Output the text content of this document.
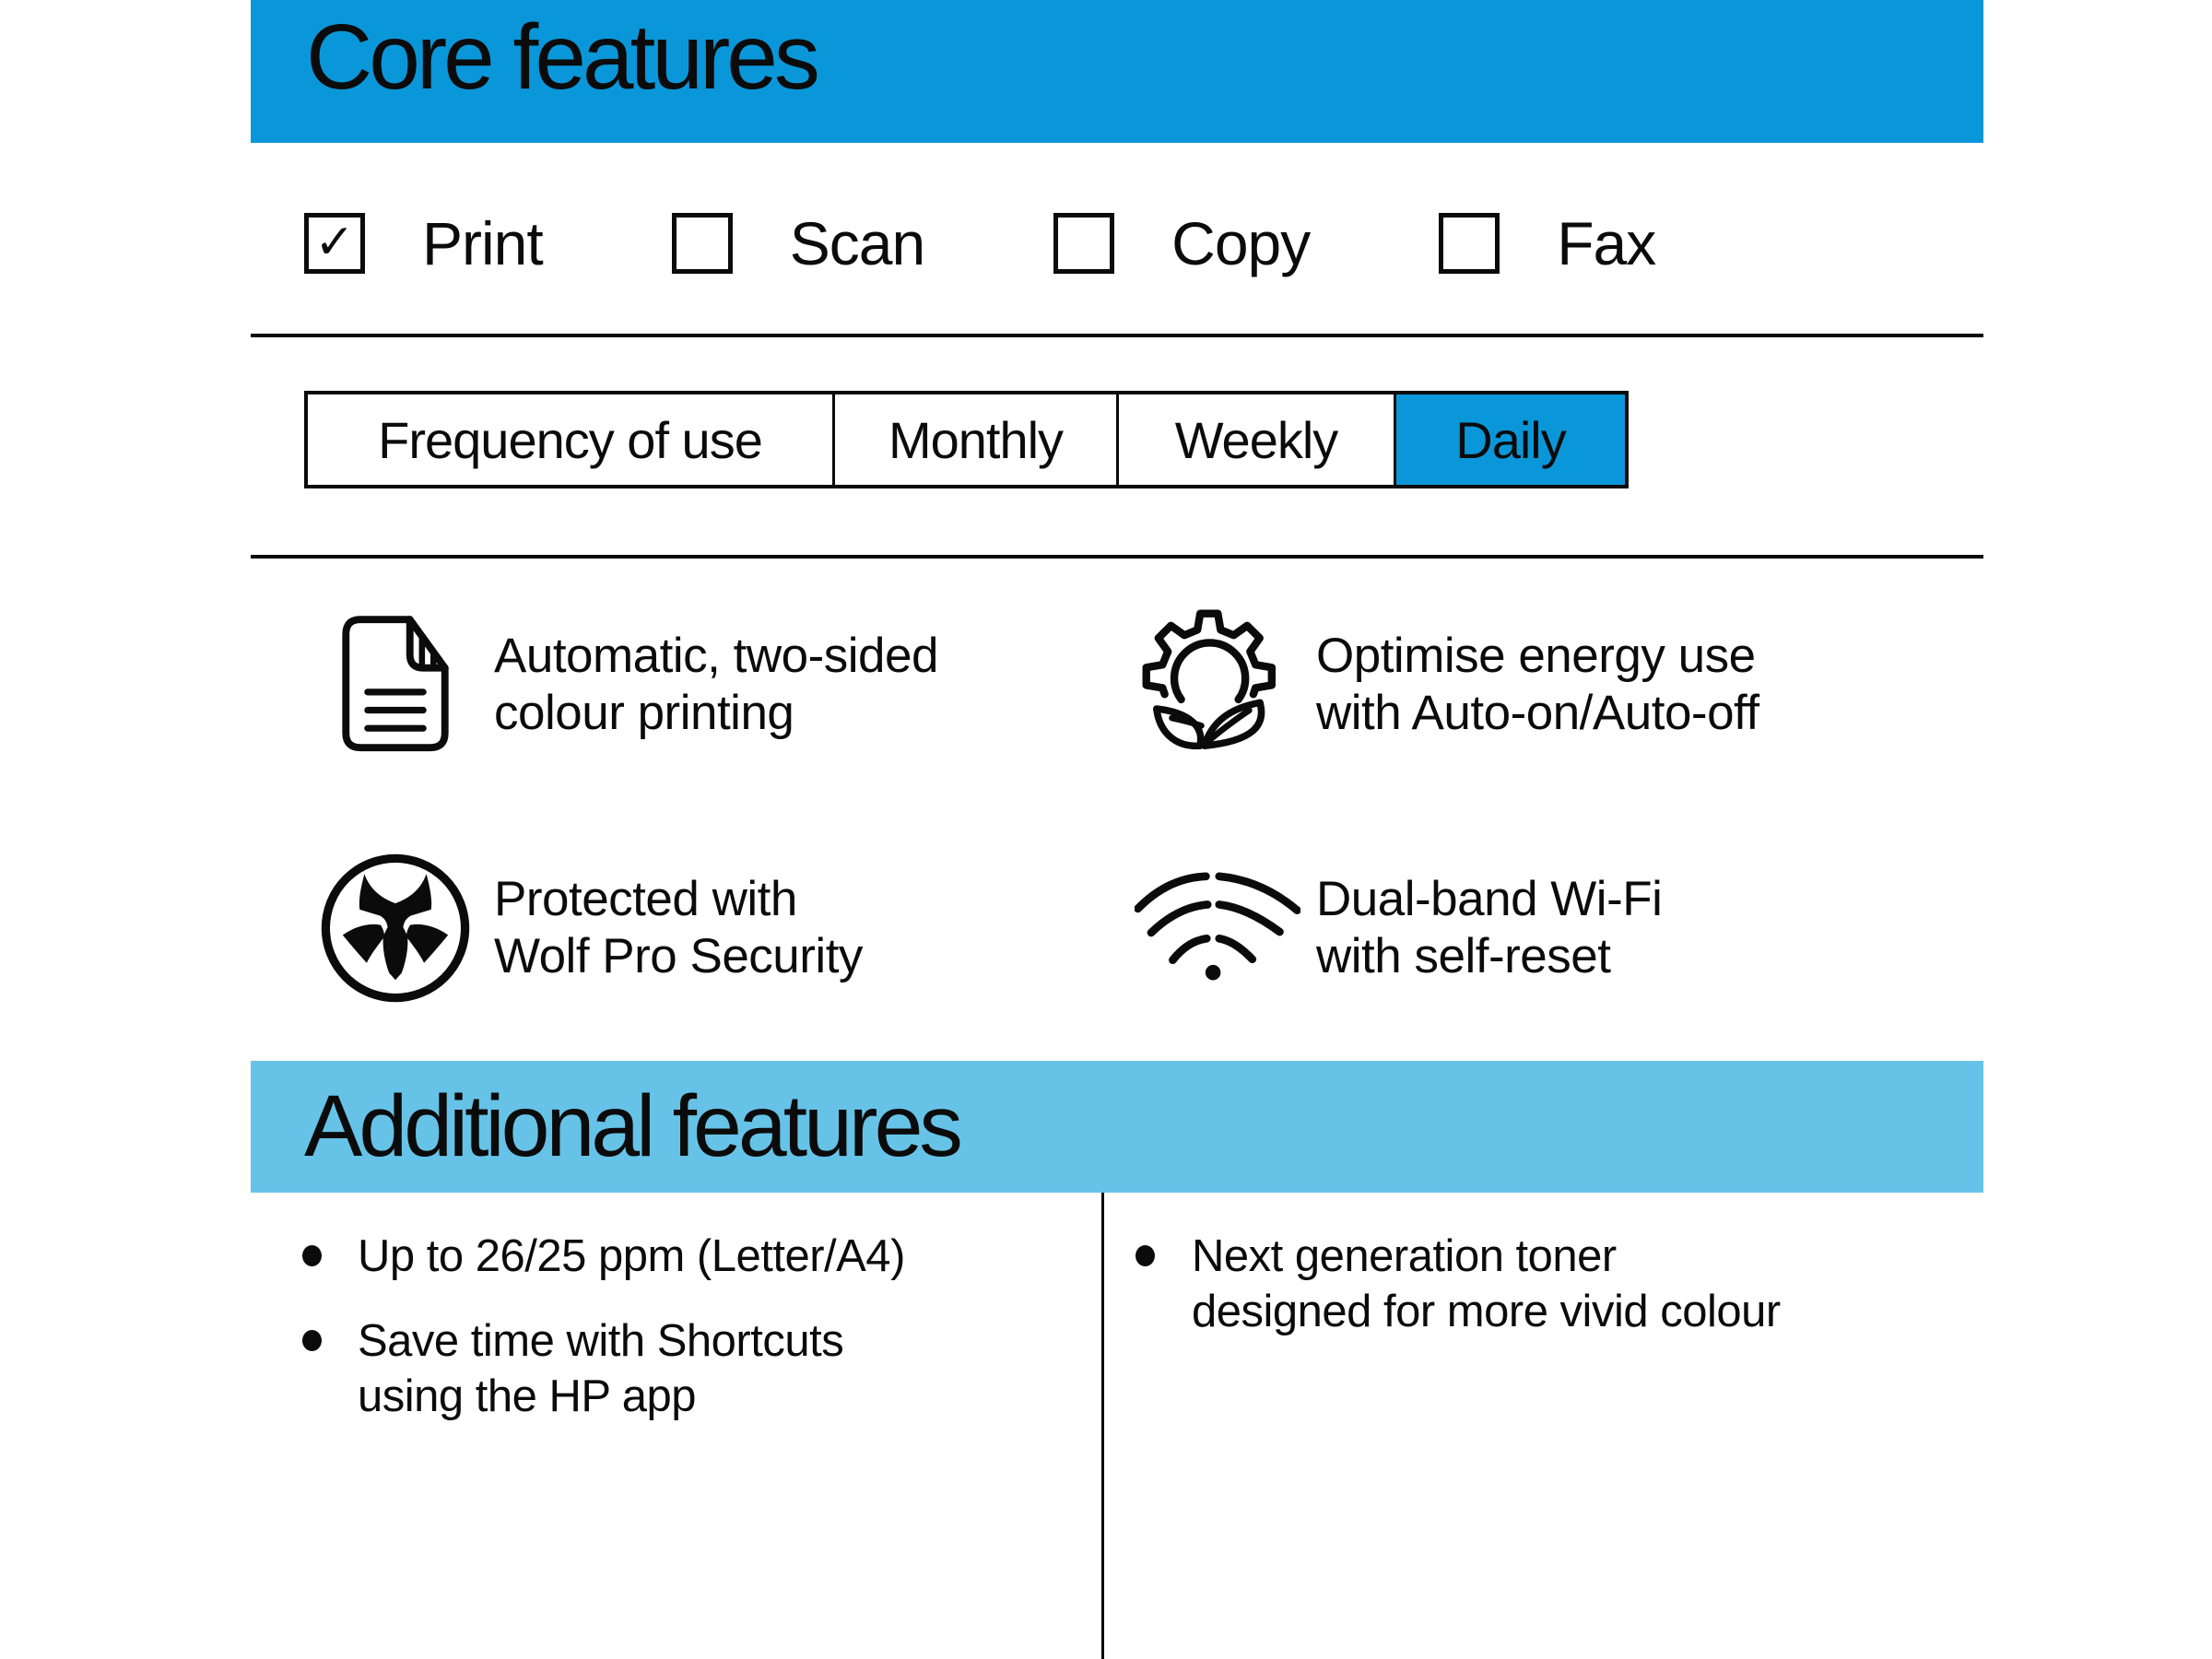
Core features
✓ Print	Scan	Copy	Fax
Frequency of use	Monthly	Weekly	Daily
Automatic, two-sided
colour printing
Optimise energy use
with Auto-on/Auto-off
Protected with
Wolf Pro Security
Dual-band Wi-Fi
with self-reset
Additional features
Up to 26/25 ppm (Letter/A4)
Save time with Shortcuts
using the HP app
Next generation toner
designed for more vivid colour
